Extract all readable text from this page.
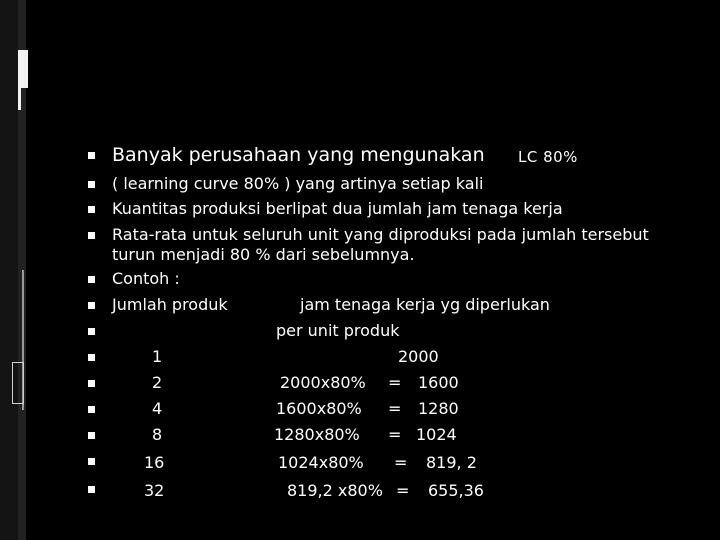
Banyak perusahaan yang mengunakan LC 80%
( learning curve 80% ) yang artinya setiap kali
Kuantitas produksi berlipat dua jumlah jam tenaga kerja
Rata-rata untuk seluruh unit yang diproduksi pada jumlah tersebut
turun menjadi 80 % dari sebelumnya.
Contoh :
Jumlah produk	jam tenaga kerja yg diperlukan
per unit produk
1	2000
2	2000x80% = 1600
4	1600x80% = 1280
8	1280x80% = 1024
16	1024x80% = 819, 2
32	819,2 x80% = 655,36
